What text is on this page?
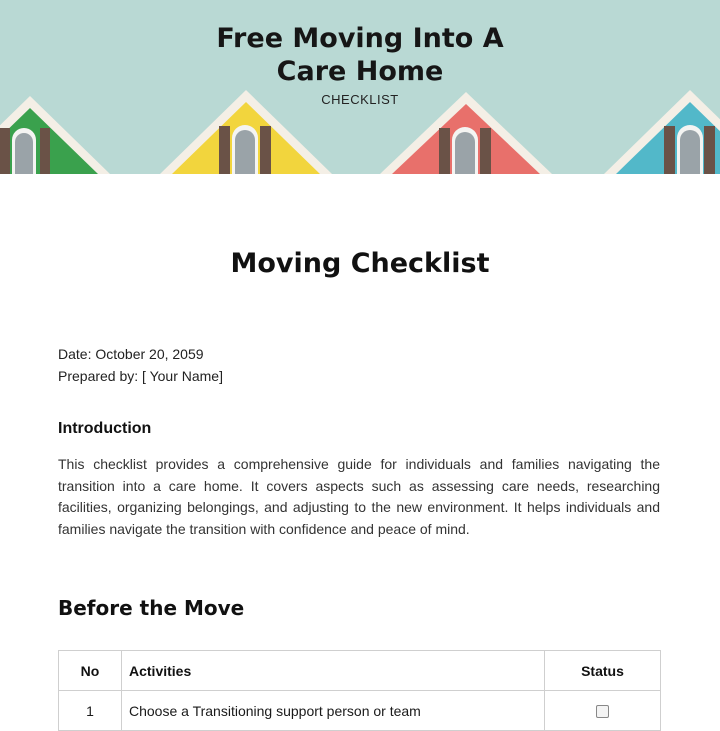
Free Moving Into A
Care Home
CHECKLIST
Moving Checklist
Date: October 20, 2059
Prepared by: [ Your Name]
Introduction
This checklist provides a comprehensive guide for individuals and families navigating the transition into a care home. It covers aspects such as assessing care needs, researching facilities, organizing belongings, and adjusting to the new environment. It helps individuals and families navigate the transition with confidence and peace of mind.
Before the Move
No	Activities	Status
1	Choose a Transitioning support person or team	
